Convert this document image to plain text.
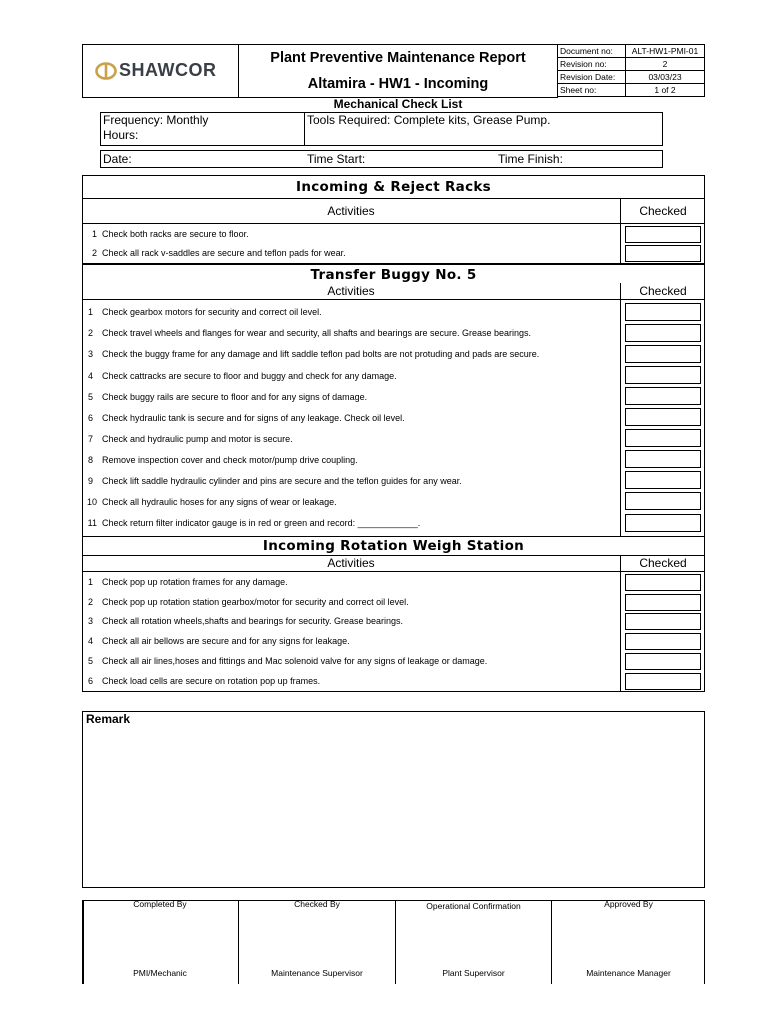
SHAWCOR
Plant Preventive Maintenance Report
Altamira - HW1 - Incoming
Document no:	ALT-HW1-PMI-01
Revision no:	2
Revision Date:	03/03/23
Sheet no:	1 of 2
Mechanical Check List
Frequency: Monthly
Hours:
Tools Required: Complete kits, Grease Pump.
Date:	Time Start:	Time Finish:
Incoming & Reject Racks
Activities	Checked
1 Check both racks are secure to floor.
2 Check all rack v-saddles are secure and teflon pads for wear.
Transfer Buggy No. 5
Activities	Checked
1 Check gearbox motors for security and correct oil level.
2 Check travel wheels and flanges for wear and security, all shafts and bearings are secure. Grease bearings.
3 Check the buggy frame for any damage and lift saddle teflon pad bolts are not protuding and pads are secure.
4 Check cattracks are secure to floor and buggy and check for any damage.
5 Check buggy rails are secure to floor and for any signs of damage.
6 Check hydraulic tank is secure and for signs of any leakage. Check oil level.
7 Check and hydraulic pump and motor is secure.
8 Remove inspection cover and check motor/pump drive coupling.
9 Check lift saddle hydraulic cylinder and pins are secure and the teflon guides for any wear.
10 Check all hydraulic hoses for any signs of wear or leakage.
11 Check return filter indicator gauge is in red or green and record: ____________.
Incoming Rotation Weigh Station
Activities	Checked
1 Check pop up rotation frames for any damage.
2 Check pop up rotation station gearbox/motor for security and correct oil level.
3 Check all rotation wheels,shafts and bearings for security. Grease bearings.
4 Check all air bellows are secure and for any signs for leakage.
5 Check all air lines,hoses and fittings and Mac solenoid valve for any signs of leakage or damage.
6 Check load cells are secure on rotation pop up frames.
Remark
Completed By
PMI/Mechanic
Checked By
Maintenance Supervisor
Operational Confirmation
Plant Supervisor
Approved By
Maintenance Manager
